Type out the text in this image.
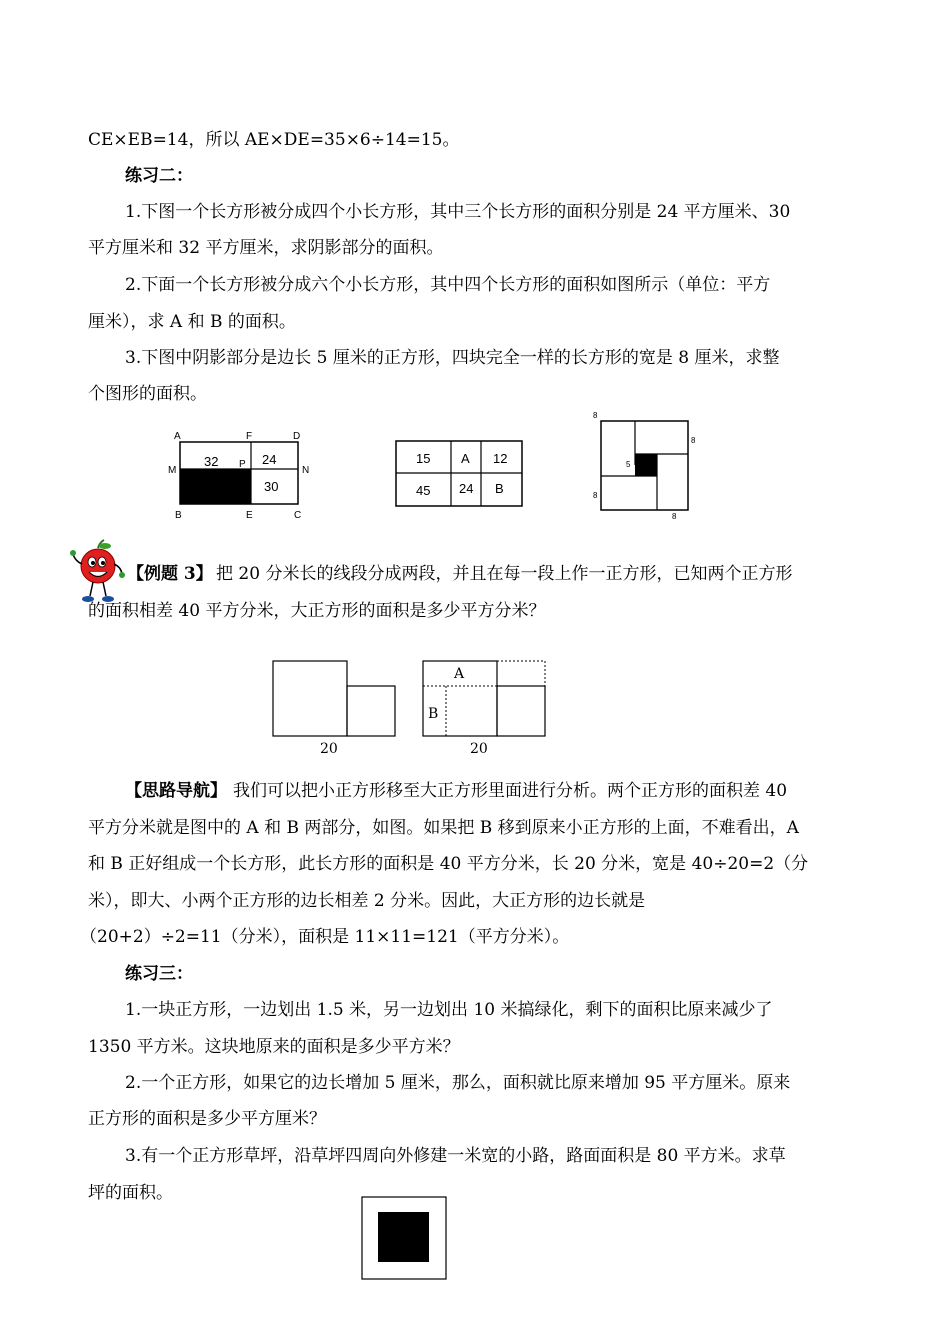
CE×EB=14，所以 AE×DE=35×6÷14=15。
练习二：
1.下图一个长方形被分成四个小长方形，其中三个长方形的面积分别是 24 平方厘米、30
平方厘米和 32 平方厘米，求阴影部分的面积。
2.下面一个长方形被分成六个小长方形，其中四个长方形的面积如图所示（单位：平方
厘米），求 A 和 B 的面积。
3.下图中阴影部分是边长 5 厘米的正方形，四块完全一样的长方形的宽是 8 厘米，求整
个图形的面积。
A	F	D
M
P
N
B	E	C
32	24
30
15 A 12
45 24 B
5
8
8
8
8
【例题 3】 把 20 分米长的线段分成两段，并且在每一段上作一正方形，已知两个正方形
的面积相差 40 平方分米，大正方形的面积是多少平方分米？
20
A
B
20
【思路导航】 我们可以把小正方形移至大正方形里面进行分析。两个正方形的面积差 40
平方分米就是图中的 A 和 B 两部分，如图。如果把 B 移到原来小正方形的上面，不难看出，A
和 B 正好组成一个长方形，此长方形的面积是 40 平方分米，长 20 分米，宽是 40÷20=2（分
米），即大、小两个正方形的边长相差 2 分米。因此，大正方形的边长就是
（20+2）÷2=11（分米），面积是 11×11=121（平方分米）。
练习三：
1.一块正方形，一边划出 1.5 米，另一边划出 10 米搞绿化，剩下的面积比原来减少了
1350 平方米。这块地原来的面积是多少平方米？
2.一个正方形，如果它的边长增加 5 厘米，那么，面积就比原来增加 95 平方厘米。原来
正方形的面积是多少平方厘米？
3.有一个正方形草坪，沿草坪四周向外修建一米宽的小路，路面面积是 80 平方米。求草
坪的面积。
